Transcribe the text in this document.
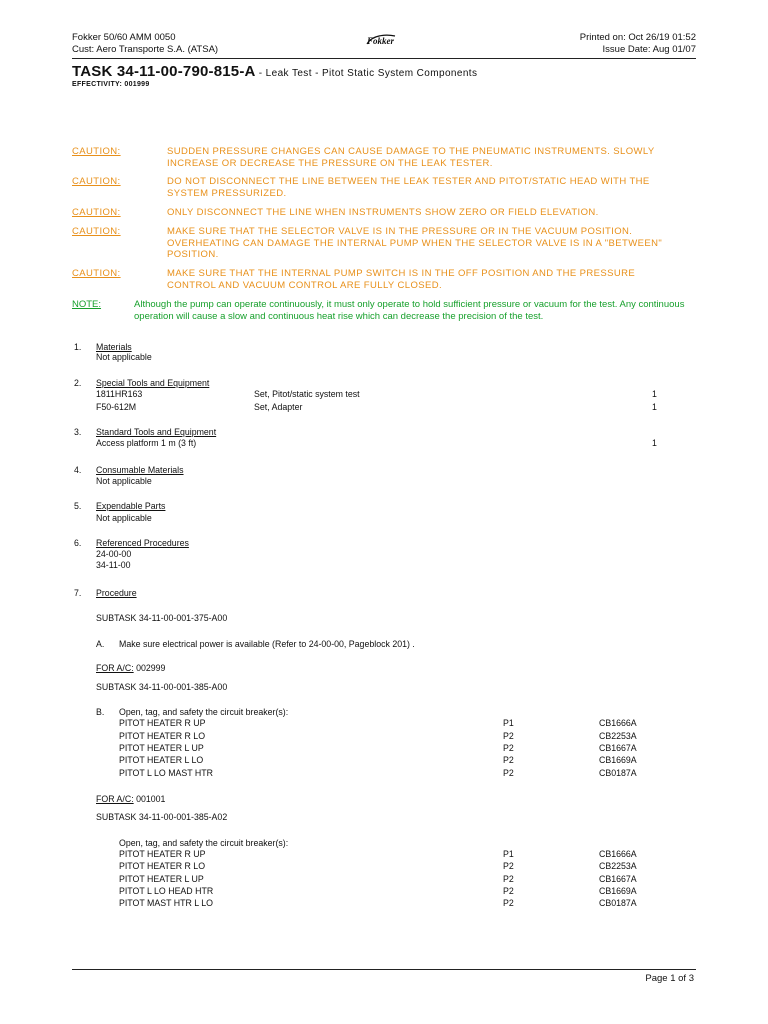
Fokker 50/60 AMM 0050
Cust: Aero Transporte S.A. (ATSA)
Fokker	Printed on: Oct 26/19 01:52
Issue Date: Aug 01/07
TASK 34-11-00-790-815-A - Leak Test - Pitot Static System Components
EFFECTIVITY: 001999
CAUTION:	SUDDEN PRESSURE CHANGES CAN CAUSE DAMAGE TO THE PNEUMATIC INSTRUMENTS. SLOWLY INCREASE OR DECREASE THE PRESSURE ON THE LEAK TESTER.
CAUTION:	DO NOT DISCONNECT THE LINE BETWEEN THE LEAK TESTER AND PITOT/STATIC HEAD WITH THE SYSTEM PRESSURIZED.
CAUTION:	ONLY DISCONNECT THE LINE WHEN INSTRUMENTS SHOW ZERO OR FIELD ELEVATION.
CAUTION:	MAKE SURE THAT THE SELECTOR VALVE IS IN THE PRESSURE OR IN THE VACUUM POSITION. OVERHEATING CAN DAMAGE THE INTERNAL PUMP WHEN THE SELECTOR VALVE IS IN A "BETWEEN" POSITION.
CAUTION:	MAKE SURE THAT THE INTERNAL PUMP SWITCH IS IN THE OFF POSITION AND THE PRESSURE CONTROL AND VACUUM CONTROL ARE FULLY CLOSED.
NOTE:	Although the pump can operate continuously, it must only operate to hold sufficient pressure or vacuum for the test. Any continuous operation will cause a slow and continuous heat rise which can decrease the precision of the test.
1. Materials
Not applicable
2. Special Tools and Equipment
1811HR163	Set, Pitot/static system test	1
F50-612M	Set, Adapter	1
3. Standard Tools and Equipment
Access platform 1 m (3 ft)	1
4. Consumable Materials
Not applicable
5. Expendable Parts
Not applicable
6. Referenced Procedures
24-00-00
34-11-00
7. Procedure
SUBTASK 34-11-00-001-375-A00
A. Make sure electrical power is available (Refer to 24-00-00, Pageblock 201) .
FOR A/C: 002999
SUBTASK 34-11-00-001-385-A00
B. Open, tag, and safety the circuit breaker(s):
PITOT HEATER R UP	P1	CB1666A
PITOT HEATER R LO	P2	CB2253A
PITOT HEATER L UP	P2	CB1667A
PITOT HEATER L LO	P2	CB1669A
PITOT L LO MAST HTR	P2	CB0187A
FOR A/C: 001001
SUBTASK 34-11-00-001-385-A02
Open, tag, and safety the circuit breaker(s):
PITOT HEATER R UP	P1	CB1666A
PITOT HEATER R LO	P2	CB2253A
PITOT HEATER L UP	P2	CB1667A
PITOT L LO HEAD HTR	P2	CB1669A
PITOT MAST HTR L LO	P2	CB0187A
Page 1 of 3
